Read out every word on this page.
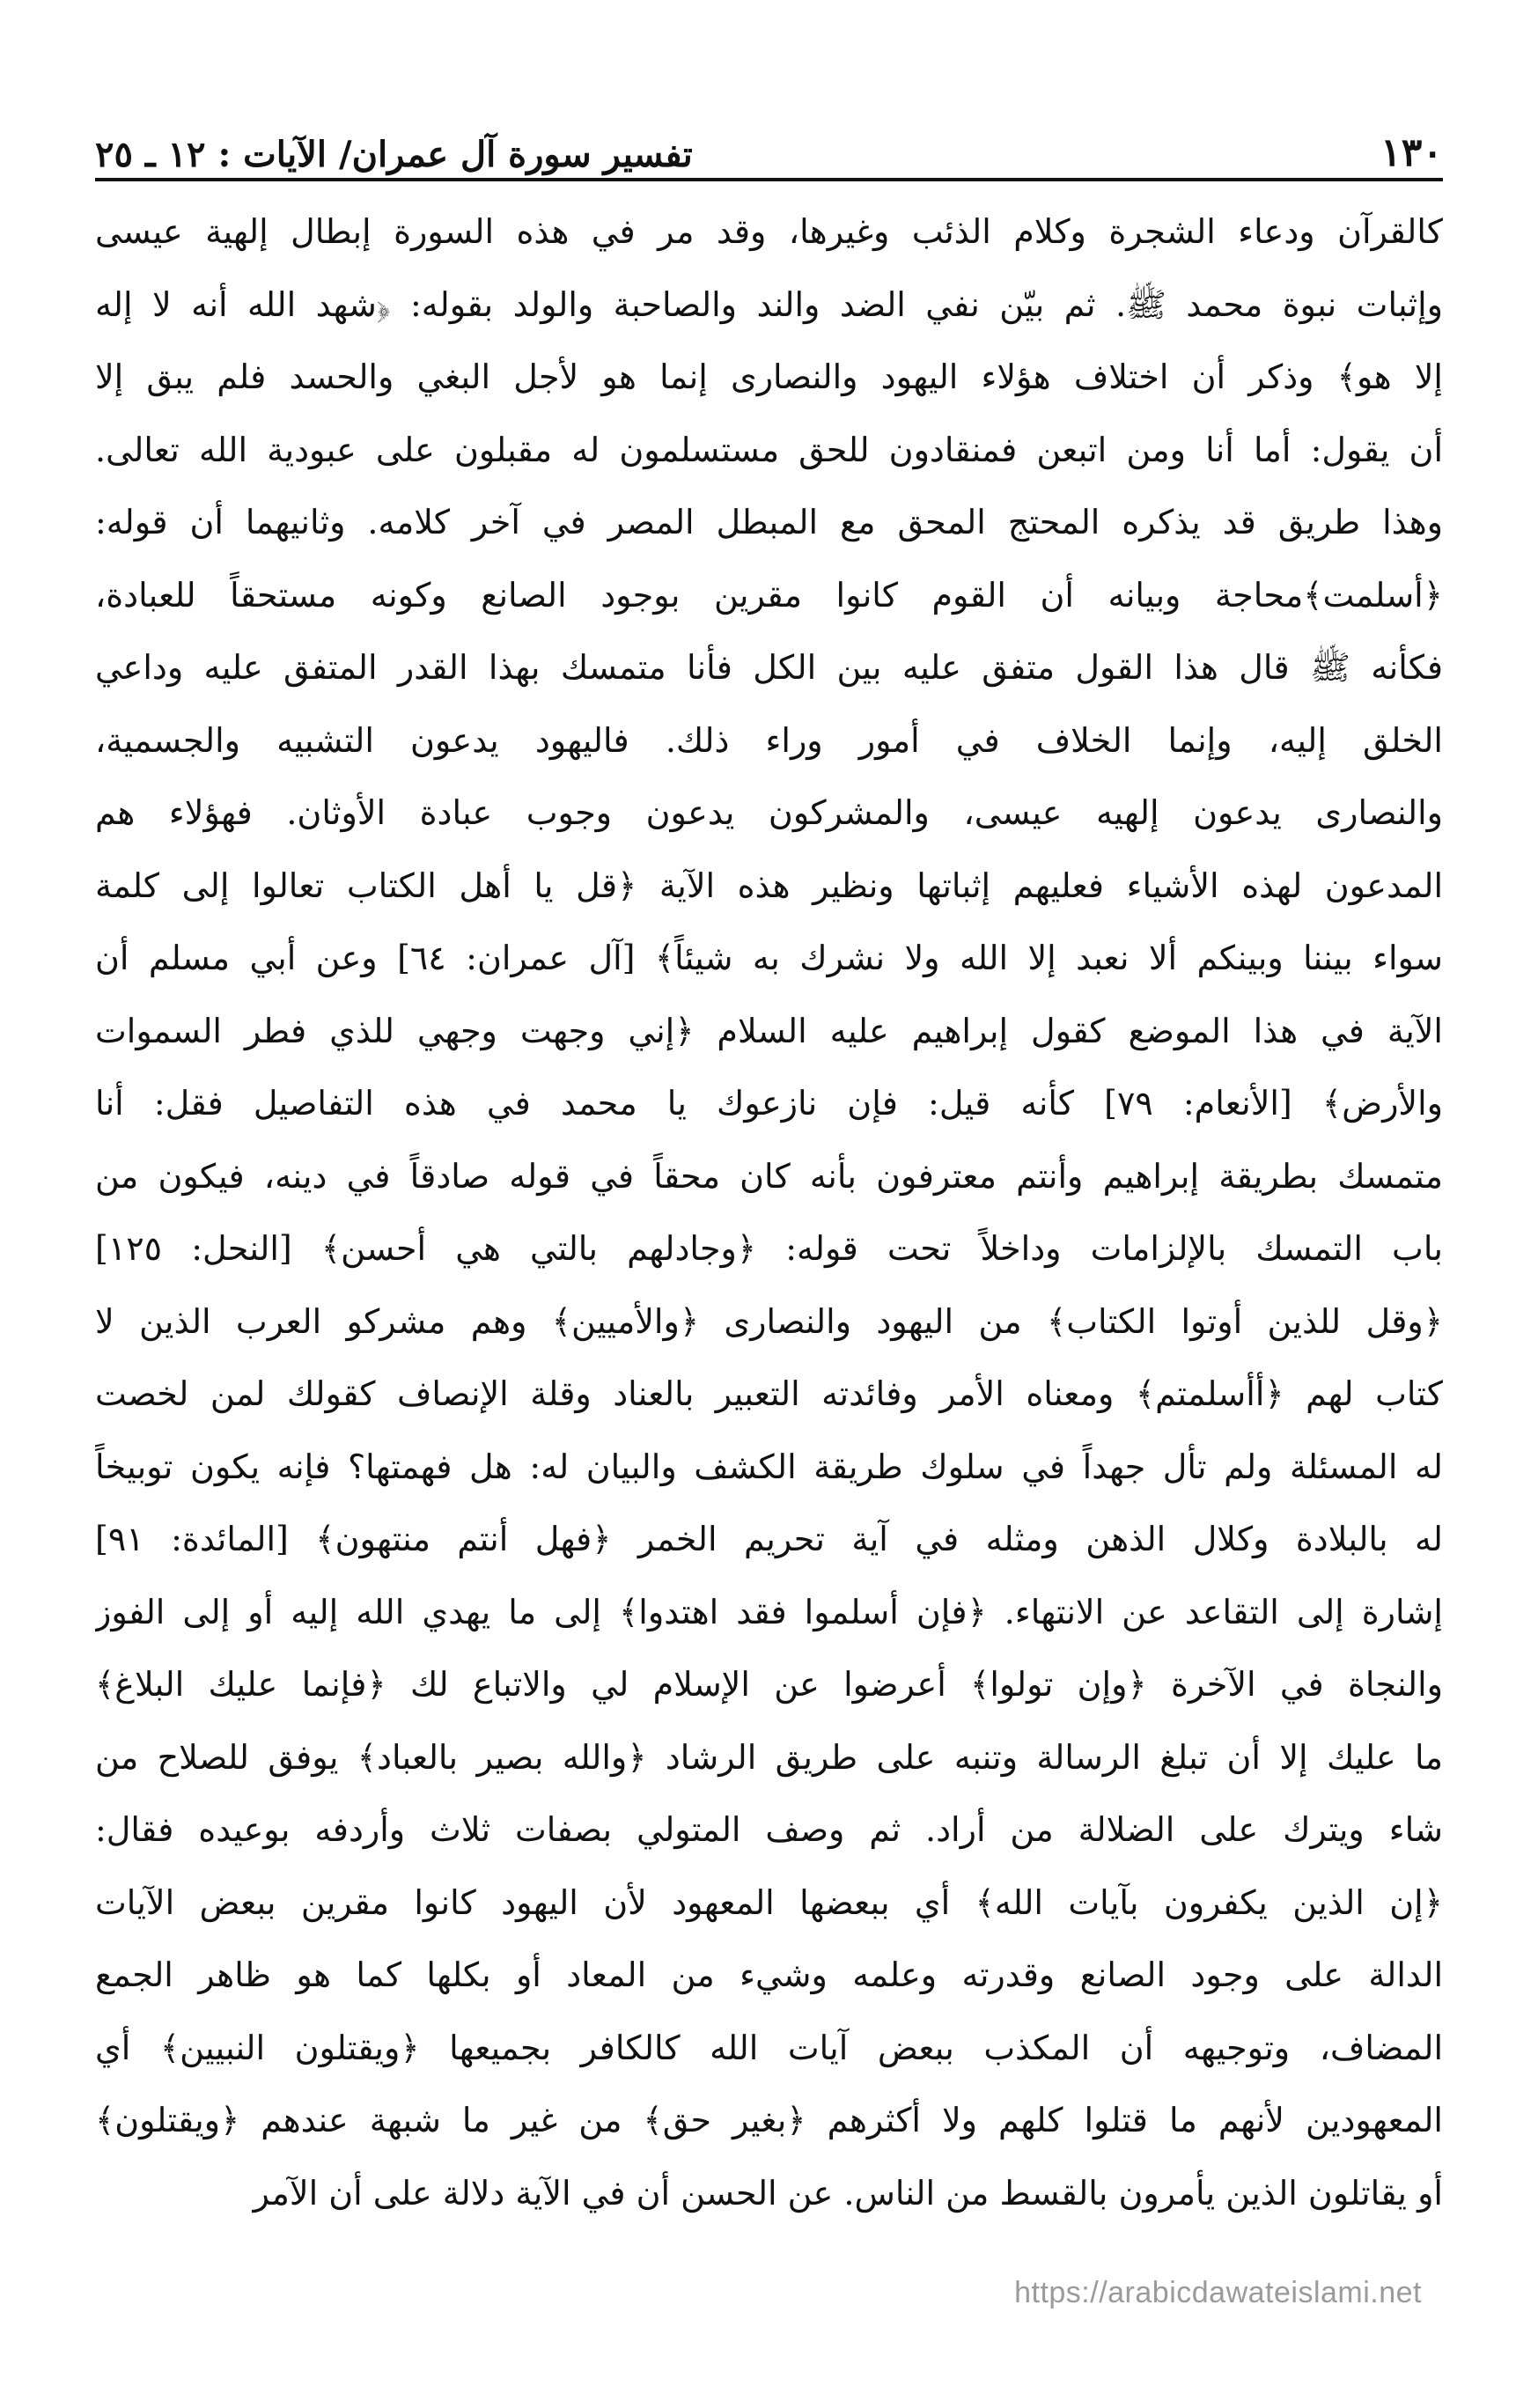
١٣٠
تفسير سورة آل عمران/ الآيات : ١٢ ـ ٢٥
كالقرآن ودعاء الشجرة وكلام الذئب وغيرها، وقد مر في هذه السورة إبطال إلهية عيسى
وإثبات نبوة محمد ﷺ. ثم بيّن نفي الضد والند والصاحبة والولد بقوله: ﴿شهد الله أنه لا إله
إلا هو﴾ وذكر أن اختلاف هؤلاء اليهود والنصارى إنما هو لأجل البغي والحسد فلم يبق إلا
أن يقول: أما أنا ومن اتبعن فمنقادون للحق مستسلمون له مقبلون على عبودية الله تعالى.
وهذا طريق قد يذكره المحتج المحق مع المبطل المصر في آخر كلامه. وثانيهما أن قوله:
﴿أسلمت﴾محاجة وبيانه أن القوم كانوا مقرين بوجود الصانع وكونه مستحقاً للعبادة،
فكأنه ﷺ قال هذا القول متفق عليه بين الكل فأنا متمسك بهذا القدر المتفق عليه وداعي
الخلق إليه، وإنما الخلاف في أمور وراء ذلك. فاليهود يدعون التشبيه والجسمية،
والنصارى يدعون إلهيه عيسى، والمشركون يدعون وجوب عبادة الأوثان. فهؤلاء هم
المدعون لهذه الأشياء فعليهم إثباتها ونظير هذه الآية ﴿قل يا أهل الكتاب تعالوا إلى كلمة
سواء بيننا وبينكم ألا نعبد إلا الله ولا نشرك به شيئاً﴾ [آل عمران: ٦٤] وعن أبي مسلم أن
الآية في هذا الموضع كقول إبراهيم عليه السلام ﴿إني وجهت وجهي للذي فطر السموات
والأرض﴾ [الأنعام: ٧٩] كأنه قيل: فإن نازعوك يا محمد في هذه التفاصيل فقل: أنا
متمسك بطريقة إبراهيم وأنتم معترفون بأنه كان محقاً في قوله صادقاً في دينه، فيكون من
باب التمسك بالإلزامات وداخلاً تحت قوله: ﴿وجادلهم بالتي هي أحسن﴾ [النحل: ١٢٥]
﴿وقل للذين أوتوا الكتاب﴾ من اليهود والنصارى ﴿والأميين﴾ وهم مشركو العرب الذين لا
كتاب لهم ﴿أأسلمتم﴾ ومعناه الأمر وفائدته التعبير بالعناد وقلة الإنصاف كقولك لمن لخصت
له المسئلة ولم تأل جهداً في سلوك طريقة الكشف والبيان له: هل فهمتها؟ فإنه يكون توبيخاً
له بالبلادة وكلال الذهن ومثله في آية تحريم الخمر ﴿فهل أنتم منتهون﴾ [المائدة: ٩١]
إشارة إلى التقاعد عن الانتهاء. ﴿فإن أسلموا فقد اهتدوا﴾ إلى ما يهدي الله إليه أو إلى الفوز
والنجاة في الآخرة ﴿وإن تولوا﴾ أعرضوا عن الإسلام لي والاتباع لك ﴿فإنما عليك البلاغ﴾
ما عليك إلا أن تبلغ الرسالة وتنبه على طريق الرشاد ﴿والله بصير بالعباد﴾ يوفق للصلاح من
شاء ويترك على الضلالة من أراد. ثم وصف المتولي بصفات ثلاث وأردفه بوعيده فقال:
﴿إن الذين يكفرون بآيات الله﴾ أي ببعضها المعهود لأن اليهود كانوا مقرين ببعض الآيات
الدالة على وجود الصانع وقدرته وعلمه وشيء من المعاد أو بكلها كما هو ظاهر الجمع
المضاف، وتوجيهه أن المكذب ببعض آيات الله كالكافر بجميعها ﴿ويقتلون النبيين﴾ أي
المعهودين لأنهم ما قتلوا كلهم ولا أكثرهم ﴿بغير حق﴾ من غير ما شبهة عندهم ﴿ويقتلون﴾
أو يقاتلون الذين يأمرون بالقسط من الناس. عن الحسن أن في الآية دلالة على أن الآمر
https://arabicdawateislami.net
